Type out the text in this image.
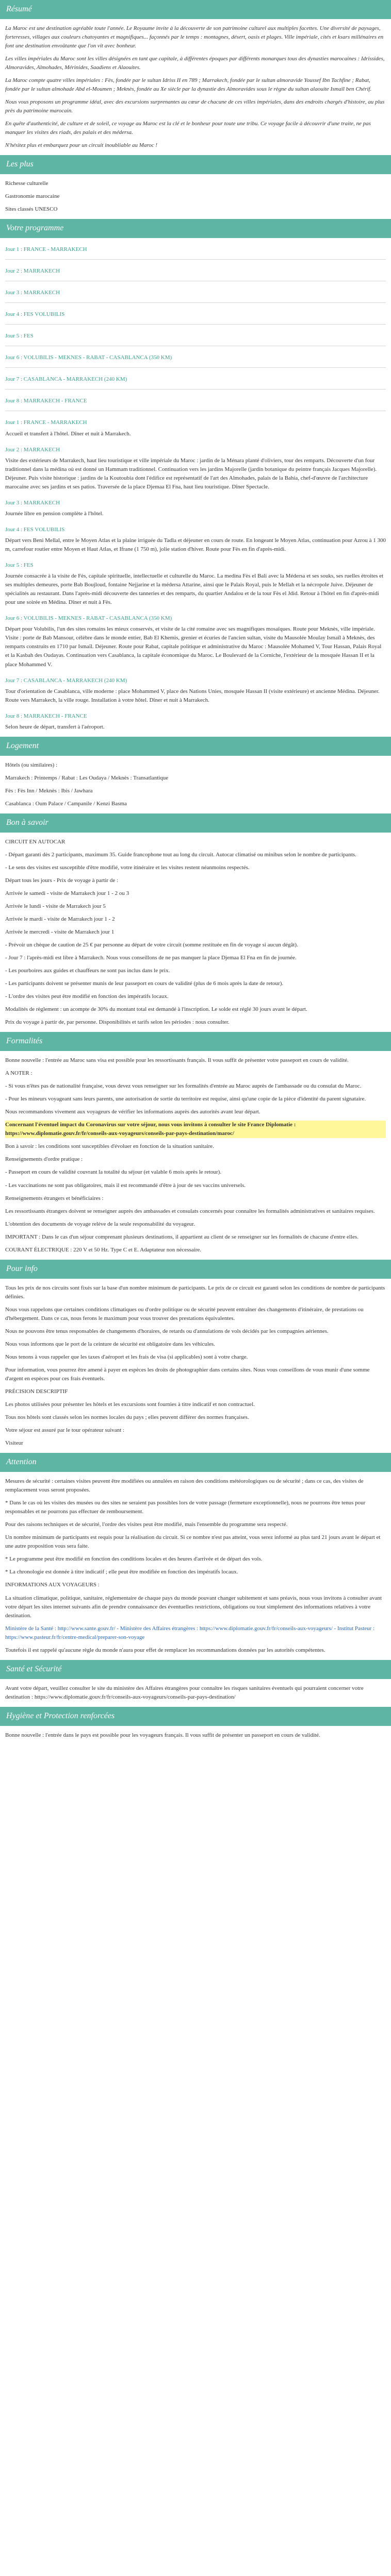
Résumé

La Maroc est une destination agréable toute l'année. Le Royaume invite à la découverte de son patrimoine culturel aux multiples facettes. Une diversité de paysages, forteresses, villages aux couleurs chatoyantes et magnifiques... façonnés par le temps : montagnes, désert, oasis et plages. Ville impériale, cités et ksars millénaires en font une destination envoûtante que l'on vit avec bonheur.

Les villes impériales du Maroc sont les villes désignées en tant que capitale, à différentes époques par différents monarques tous des dynasties marocaines : Idrissides, Almoravides, Almohades, Mérinides, Saadiens et Alaouites.

La Maroc compte quatre villes impériales : Fès, fondée par le sultan Idriss II en 789 ; Marrakech, fondée par le sultan almoravide Youssef Ibn Tachfine ; Rabat, fondée par le sultan almohade Abd el-Moumen ; Meknès, fondée au Xe siècle par la dynastie des Almoravides sous le règne du sultan alaouite Ismaïl ben Chérif.

Nous vous proposons un programme idéal, avec des excursions surprenantes au cœur de chacune de ces villes impériales, dans des endroits chargés d'histoire, au plus près du patrimoine marocain.

En quête d'authenticité, de culture et de soleil, ce voyage au Maroc est la clé et le bonheur pour toute une tribu. Ce voyage facile à découvrir d'une traite, ne pas manquer les visites des riads, des palais et des médersa.

N'hésitez plus et embarquez pour un circuit inoubliable au Maroc !

Les plus

Richesse culturelle

Gastronomie marocaine

Sites classés UNESCO

Votre programme

Jour 1 : FRANCE - MARRAKECH

Jour 2 : MARRAKECH

Jour 3 : MARRAKECH

Jour 4 : FES VOLUBILIS

Jour 5 : FES

Jour 6 : VOLUBILIS - MEKNES - RABAT - CASABLANCA (350 KM)

Jour 7 : CASABLANCA - MARRAKECH (240 KM)

Jour 8 : MARRAKECH - FRANCE

Jour 1 : FRANCE - MARRAKECH

Accueil et transfert à l'hôtel. Dîner et nuit à Marrakech.

Jour 2 : MARRAKECH

Visite des extérieurs de Marrakech, haut lieu touristique et ville impériale du Maroc : jardin de la Ménara planté d'oliviers, tour des remparts. Découverte d'un four traditionnel dans la médina où est donné un Hammam traditionnel. Continuation vers les jardins Majorelle (jardin botanique du peintre français Jacques Majorelle). Déjeuner. Puis visite historique : jardins de la Koutoubia dont l'édifice est représentatif de l'art des Almohades, palais de la Bahia, chef-d'œuvre de l'architecture marocaine avec ses jardins et ses patios. Traversée de la place Djemaa El Fna, haut lieu touristique. Dîner Spectacle.

Jour 3 : MARRAKECH

Journée libre en pension complète à l'hôtel.

Jour 4 : FES VOLUBILIS

Départ vers Beni Mellal, entre le Moyen Atlas et la plaine irriguée du Tadla et déjeuner en cours de route. En longeant le Moyen Atlas, continuation pour Azrou à 1 300 m, carrefour routier entre Moyen et Haut Atlas, et Ifrane (1 750 m), jolie station d'hiver. Route pour Fès en fin d'après-midi.

Jour 5 : FES

Journée consacrée à la visite de Fès, capitale spirituelle, intellectuelle et culturelle du Maroc. La medina Fès el Bali avec la Médersa et ses souks, ses ruelles étroites et ses multiples demeures, porte Bab Boujloud, fontaine Nejjarine et la médersa Attarine, ainsi que le Palais Royal, puis le Mellah et la nécropole Juive. Déjeuner de spécialités au restaurant. Dans l'après-midi découverte des tanneries et des remparts, du quartier Andalou et de la tour Fès el Jdid. Retour à l'hôtel en fin d'après-midi pour une soirée en Médina. Dîner et nuit à Fès.

Jour 6 : VOLUBILIS - MEKNES - RABAT - CASABLANCA (350 KM)

Départ pour Volubilis, l'un des sites romains les mieux conservés, et visite de la cité romaine avec ses magnifiques mosaïques. Route pour Meknès, ville impériale. Visite : porte de Bab Mansour, célèbre dans le monde entier, Bab El Khemis, grenier et écuries de l'ancien sultan, visite du Mausolée Moulay Ismaïl à Meknès, des remparts construits en 1710 par Ismaïl. Déjeuner. Route pour Rabat, capitale politique et administrative du Maroc : Mausolée Mohamed V, Tour Hassan, Palais Royal et la Kasbah des Oudayas. Continuation vers Casablanca, la capitale économique du Maroc. Le Boulevard de la Corniche, l'extérieur de la mosquée Hassan II et la place Mohammed V.

Jour 7 : CASABLANCA - MARRAKECH (240 KM)

Tour d'orientation de Casablanca, ville moderne : place Mohammed V, place des Nations Unies, mosquée Hassan II (visite extérieure) et ancienne Médina. Déjeuner. Route vers Marrakech, la ville rouge. Installation à votre hôtel. Dîner et nuit à Marrakech.

Jour 8 : MARRAKECH - FRANCE

Selon heure de départ, transfert à l'aéroport.

Logement

Hôtels (ou similaires) :

Marrakech : Printemps / Rabat : Les Oudaya / Meknès : Transatlantique

Fès : Fès Inn / Meknès : Ibis / Jawhara

Casablanca : Oum Palace / Campanile / Kenzi Basma

Bon à savoir

CIRCUIT EN AUTOCAR

- Départ garanti dès 2 participants, maximum 35. Guide francophone tout au long du circuit. Autocar climatisé ou minibus selon le nombre de participants.

- Le sens des visites est susceptible d'être modifié, votre itinéraire et les visites restent néanmoins respectés.

Départ tous les jours - Prix de voyage à partir de :

Arrivée le samedi - visite de Marrakech jour 1 - 2 ou 3

Arrivée le lundi - visite de Marrakech jour 5

Arrivée le mardi - visite de Marrakech jour 1 - 2

Arrivée le mercredi - visite de Marrakech jour 1

- Prévoir un chèque de caution de 25 € par personne au départ de votre circuit (somme restituée en fin de voyage si aucun dégât).

- Jour 7 : l'après-midi est libre à Marrakech. Nous vous conseillons de ne pas manquer la place Djemaa El Fna en fin de journée.

- Les pourboires aux guides et chauffeurs ne sont pas inclus dans le prix.

- Les participants doivent se présenter munis de leur passeport en cours de validité (plus de 6 mois après la date de retour).

- L'ordre des visites peut être modifié en fonction des impératifs locaux.

Modalités de règlement : un acompte de 30% du montant total est demandé à l'inscription. Le solde est réglé 30 jours avant le départ.

Prix du voyage à partir de, par personne. Disponibilités et tarifs selon les périodes : nous consulter.

Formalités

Bonne nouvelle : l'entrée au Maroc sans visa est possible pour les ressortissants français. Il vous suffit de présenter votre passeport en cours de validité.

A NOTER :

- Si vous n'êtes pas de nationalité française, vous devez vous renseigner sur les formalités d'entrée au Maroc auprès de l'ambassade ou du consulat du Maroc.

- Pour les mineurs voyageant sans leurs parents, une autorisation de sortie du territoire est requise, ainsi qu'une copie de la pièce d'identité du parent signataire.

Nous recommandons vivement aux voyageurs de vérifier les informations auprès des autorités avant leur départ.

Concernant l'éventuel impact du Coronavirus sur votre séjour, nous vous invitons à consulter le site France Diplomatie : https://www.diplomatie.gouv.fr/fr/conseils-aux-voyageurs/conseils-par-pays-destination/maroc/

Bon à savoir : les conditions sont susceptibles d'évoluer en fonction de la situation sanitaire.

Renseignements d'ordre pratique :

- Passeport en cours de validité couvrant la totalité du séjour (et valable 6 mois après le retour).

- Les vaccinations ne sont pas obligatoires, mais il est recommandé d'être à jour de ses vaccins universels.

Renseignements étrangers et bénéficiaires :

Les ressortissants étrangers doivent se renseigner auprès des ambassades et consulats concernés pour connaître les formalités administratives et sanitaires requises.

L'obtention des documents de voyage relève de la seule responsabilité du voyageur.

IMPORTANT : Dans le cas d'un séjour comprenant plusieurs destinations, il appartient au client de se renseigner sur les formalités de chacune d'entre elles.

COURANT ÉLECTRIQUE : 220 V et 50 Hz. Type C et E. Adaptateur non nécessaire.

Pour info

Tous les prix de nos circuits sont fixés sur la base d'un nombre minimum de participants. Le prix de ce circuit est garanti selon les conditions de nombre de participants définies.

Nous vous rappelons que certaines conditions climatiques ou d'ordre politique ou de sécurité peuvent entraîner des changements d'itinéraire, de prestations ou d'hébergement. Dans ce cas, nous ferons le maximum pour vous trouver des prestations équivalentes.

Nous ne pouvons être tenus responsables de changements d'horaires, de retards ou d'annulations de vols décidés par les compagnies aériennes.

Nous vous informons que le port de la ceinture de sécurité est obligatoire dans les véhicules.

Nous tenons à vous rappeler que les taxes d'aéroport et les frais de visa (si applicables) sont à votre charge.

Pour information, vous pourrez être amené à payer en espèces les droits de photographier dans certains sites. Nous vous conseillons de vous munir d'une somme d'argent en espèces pour ces frais éventuels.

PRÉCISION DESCRIPTIF

Les photos utilisées pour présenter les hôtels et les excursions sont fournies à titre indicatif et non contractuel.

Tous nos hôtels sont classés selon les normes locales du pays ; elles peuvent différer des normes françaises.

Votre séjour est assuré par le tour opérateur suivant :

Visiteur

Attention

Mesures de sécurité : certaines visites peuvent être modifiées ou annulées en raison des conditions météorologiques ou de sécurité ; dans ce cas, des visites de remplacement vous seront proposées.

* Dans le cas où les visites des musées ou des sites ne seraient pas possibles lors de votre passage (fermeture exceptionnelle), nous ne pourrons être tenus pour responsables et ne pourrons pas effectuer de remboursement.

Pour des raisons techniques et de sécurité, l'ordre des visites peut être modifié, mais l'ensemble du programme sera respecté.

Un nombre minimum de participants est requis pour la réalisation du circuit. Si ce nombre n'est pas atteint, vous serez informé au plus tard 21 jours avant le départ et une autre proposition vous sera faite.

* Le programme peut être modifié en fonction des conditions locales et des heures d'arrivée et de départ des vols.

* La chronologie est donnée à titre indicatif ; elle peut être modifiée en fonction des impératifs locaux.

INFORMATIONS AUX VOYAGEURS :

La situation climatique, politique, sanitaire, réglementaire de chaque pays du monde pouvant changer subitement et sans préavis, nous vous invitons à consulter avant votre départ les sites internet suivants afin de prendre connaissance des éventuelles restrictions, obligations ou tout simplement des informations relatives à votre destination.

Ministère de la Santé : http://www.sante.gouv.fr/ - Ministère des Affaires étrangères : https://www.diplomatie.gouv.fr/fr/conseils-aux-voyageurs/ - Institut Pasteur : https://www.pasteur.fr/fr/centre-medical/preparer-son-voyage

Toutefois il est rappelé qu'aucune règle du monde n'aura pour effet de remplacer les recommandations données par les autorités compétentes.

Santé et Sécurité

Avant votre départ, veuillez consulter le site du ministère des Affaires étrangères pour connaître les risques sanitaires éventuels qui pourraient concerner votre destination : https://www.diplomatie.gouv.fr/fr/conseils-aux-voyageurs/conseils-par-pays-destination/

Hygiène et Protection renforcées

Bonne nouvelle : l'entrée dans le pays est possible pour les voyageurs français. Il vous suffit de présenter un passeport en cours de validité.
